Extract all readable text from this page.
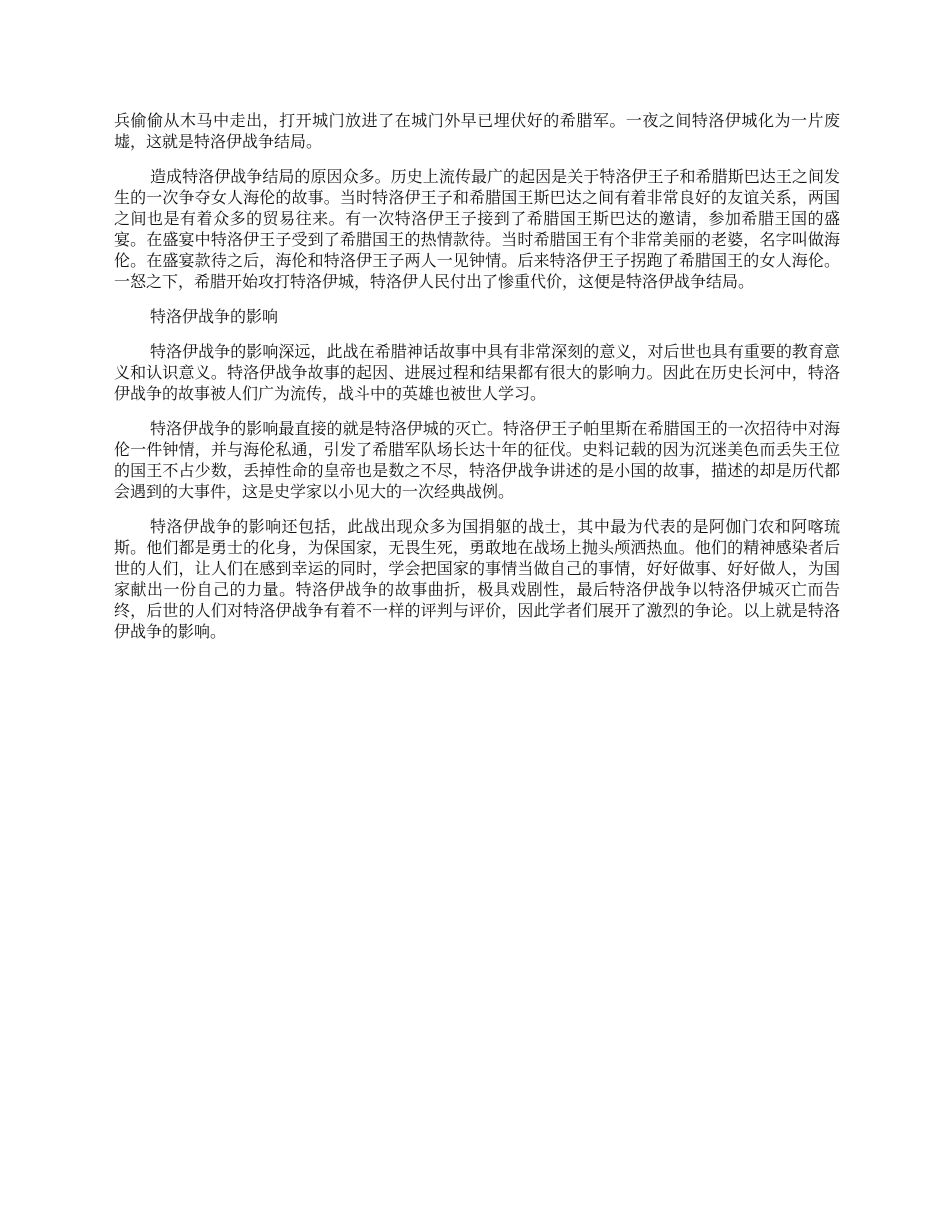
兵偷偷从木马中走出，打开城门放进了在城门外早已埋伏好的希腊军。一夜之间特洛伊城化为一片废墟，这就是特洛伊战争结局。

造成特洛伊战争结局的原因众多。历史上流传最广的起因是关于特洛伊王子和希腊斯巴达王之间发生的一次争夺女人海伦的故事。当时特洛伊王子和希腊国王斯巴达之间有着非常良好的友谊关系，两国之间也是有着众多的贸易往来。有一次特洛伊王子接到了希腊国王斯巴达的邀请，参加希腊王国的盛宴。在盛宴中特洛伊王子受到了希腊国王的热情款待。当时希腊国王有个非常美丽的老婆，名字叫做海伦。在盛宴款待之后，海伦和特洛伊王子两人一见钟情。后来特洛伊王子拐跑了希腊国王的女人海伦。一怒之下，希腊开始攻打特洛伊城，特洛伊人民付出了惨重代价，这便是特洛伊战争结局。

特洛伊战争的影响

特洛伊战争的影响深远，此战在希腊神话故事中具有非常深刻的意义，对后世也具有重要的教育意义和认识意义。特洛伊战争故事的起因、进展过程和结果都有很大的影响力。因此在历史长河中，特洛伊战争的故事被人们广为流传，战斗中的英雄也被世人学习。

特洛伊战争的影响最直接的就是特洛伊城的灭亡。特洛伊王子帕里斯在希腊国王的一次招待中对海伦一件钟情，并与海伦私通，引发了希腊军队场长达十年的征伐。史料记载的因为沉迷美色而丢失王位的国王不占少数，丢掉性命的皇帝也是数之不尽，特洛伊战争讲述的是小国的故事，描述的却是历代都会遇到的大事件，这是史学家以小见大的一次经典战例。

特洛伊战争的影响还包括，此战出现众多为国捐躯的战士，其中最为代表的是阿伽门农和阿喀琉斯。他们都是勇士的化身，为保国家，无畏生死，勇敢地在战场上抛头颅洒热血。他们的精神感染者后世的人们，让人们在感到幸运的同时，学会把国家的事情当做自己的事情，好好做事、好好做人，为国家献出一份自己的力量。特洛伊战争的故事曲折，极具戏剧性，最后特洛伊战争以特洛伊城灭亡而告终，后世的人们对特洛伊战争有着不一样的评判与评价，因此学者们展开了激烈的争论。以上就是特洛伊战争的影响。
